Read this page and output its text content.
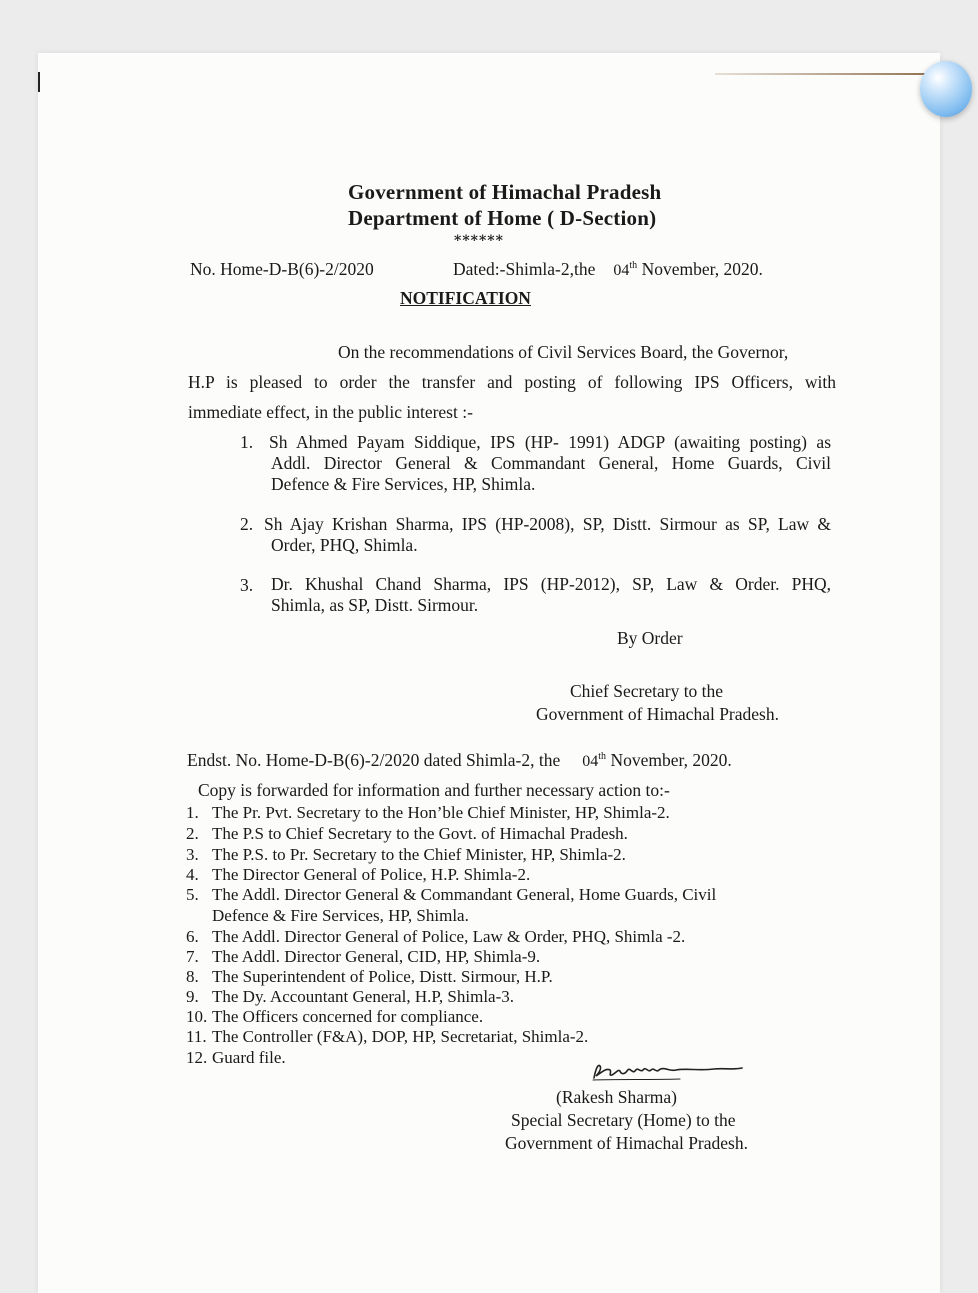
Government of Himachal Pradesh
Department of Home ( D-Section)
******
No. Home-D-B(6)-2/2020	Dated:-Shimla-2,the 04th November, 2020.
NOTIFICATION
On the recommendations of Civil Services Board, the Governor,
H.P is pleased to order the transfer and posting of following IPS Officers, with
immediate effect, in the public interest :-
1. Sh Ahmed Payam Siddique, IPS (HP- 1991) ADGP (awaiting posting) as
Addl. Director General & Commandant General, Home Guards, Civil
Defence & Fire Services, HP, Shimla.
2. Sh Ajay Krishan Sharma, IPS (HP-2008), SP, Distt. Sirmour as SP, Law &
Order, PHQ, Shimla.
3. Dr. Khushal Chand Sharma, IPS (HP-2012), SP, Law & Order. PHQ,
Shimla, as SP, Distt. Sirmour.
By Order
Chief Secretary to the
Government of Himachal Pradesh.
Endst. No. Home-D-B(6)-2/2020 dated Shimla-2, the 04th November, 2020.
Copy is forwarded for information and further necessary action to:-
1. The Pr. Pvt. Secretary to the Hon’ble Chief Minister, HP, Shimla-2.
2. The P.S to Chief Secretary to the Govt. of Himachal Pradesh.
3. The P.S. to Pr. Secretary to the Chief Minister, HP, Shimla-2.
4. The Director General of Police, H.P. Shimla-2.
5. The Addl. Director General & Commandant General, Home Guards, Civil
Defence & Fire Services, HP, Shimla.
6. The Addl. Director General of Police, Law & Order, PHQ, Shimla -2.
7. The Addl. Director General, CID, HP, Shimla-9.
8. The Superintendent of Police, Distt. Sirmour, H.P.
9. The Dy. Accountant General, H.P, Shimla-3.
10. The Officers concerned for compliance.
11. The Controller (F&A), DOP, HP, Secretariat, Shimla-2.
12. Guard file.
(Rakesh Sharma)
Special Secretary (Home) to the
Government of Himachal Pradesh.
